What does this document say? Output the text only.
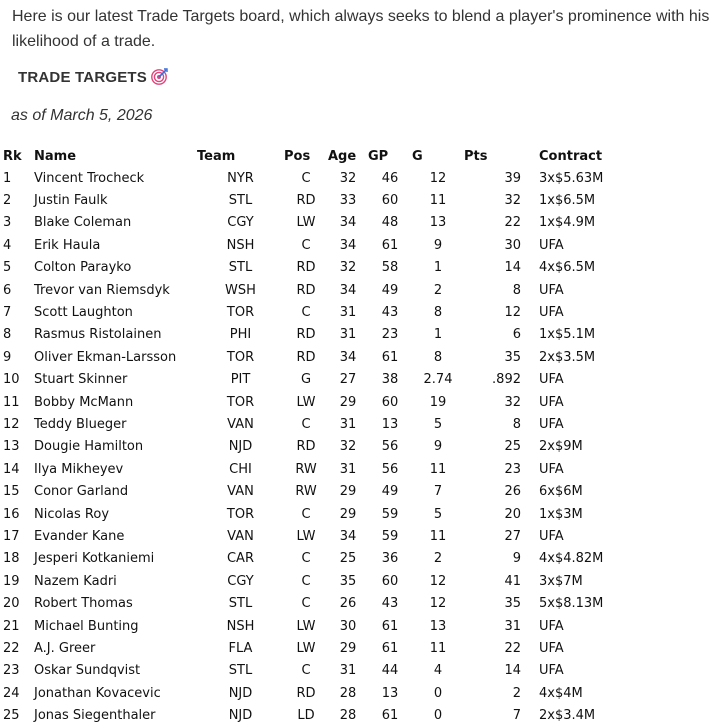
Here is our latest Trade Targets board, which always seeks to blend a player's prominence with his likelihood of a trade.
TRADE TARGETS
as of March 5, 2026
Rk	Name	Team	Pos	Age	GP	G	Pts	Contract
1	Vincent Trocheck	NYR	C	32	46	12	39	3x$5.63M
2	Justin Faulk	STL	RD	33	60	11	32	1x$6.5M
3	Blake Coleman	CGY	LW	34	48	13	22	1x$4.9M
4	Erik Haula	NSH	C	34	61	9	30	UFA
5	Colton Parayko	STL	RD	32	58	1	14	4x$6.5M
6	Trevor van Riemsdyk	WSH	RD	34	49	2	8	UFA
7	Scott Laughton	TOR	C	31	43	8	12	UFA
8	Rasmus Ristolainen	PHI	RD	31	23	1	6	1x$5.1M
9	Oliver Ekman-Larsson	TOR	RD	34	61	8	35	2x$3.5M
10	Stuart Skinner	PIT	G	27	38	2.74	.892	UFA
11	Bobby McMann	TOR	LW	29	60	19	32	UFA
12	Teddy Blueger	VAN	C	31	13	5	8	UFA
13	Dougie Hamilton	NJD	RD	32	56	9	25	2x$9M
14	Ilya Mikheyev	CHI	RW	31	56	11	23	UFA
15	Conor Garland	VAN	RW	29	49	7	26	6x$6M
16	Nicolas Roy	TOR	C	29	59	5	20	1x$3M
17	Evander Kane	VAN	LW	34	59	11	27	UFA
18	Jesperi Kotkaniemi	CAR	C	25	36	2	9	4x$4.82M
19	Nazem Kadri	CGY	C	35	60	12	41	3x$7M
20	Robert Thomas	STL	C	26	43	12	35	5x$8.13M
21	Michael Bunting	NSH	LW	30	61	13	31	UFA
22	A.J. Greer	FLA	LW	29	61	11	22	UFA
23	Oskar Sundqvist	STL	C	31	44	4	14	UFA
24	Jonathan Kovacevic	NJD	RD	28	13	0	2	4x$4M
25	Jonas Siegenthaler	NJD	LD	28	61	0	7	2x$3.4M
